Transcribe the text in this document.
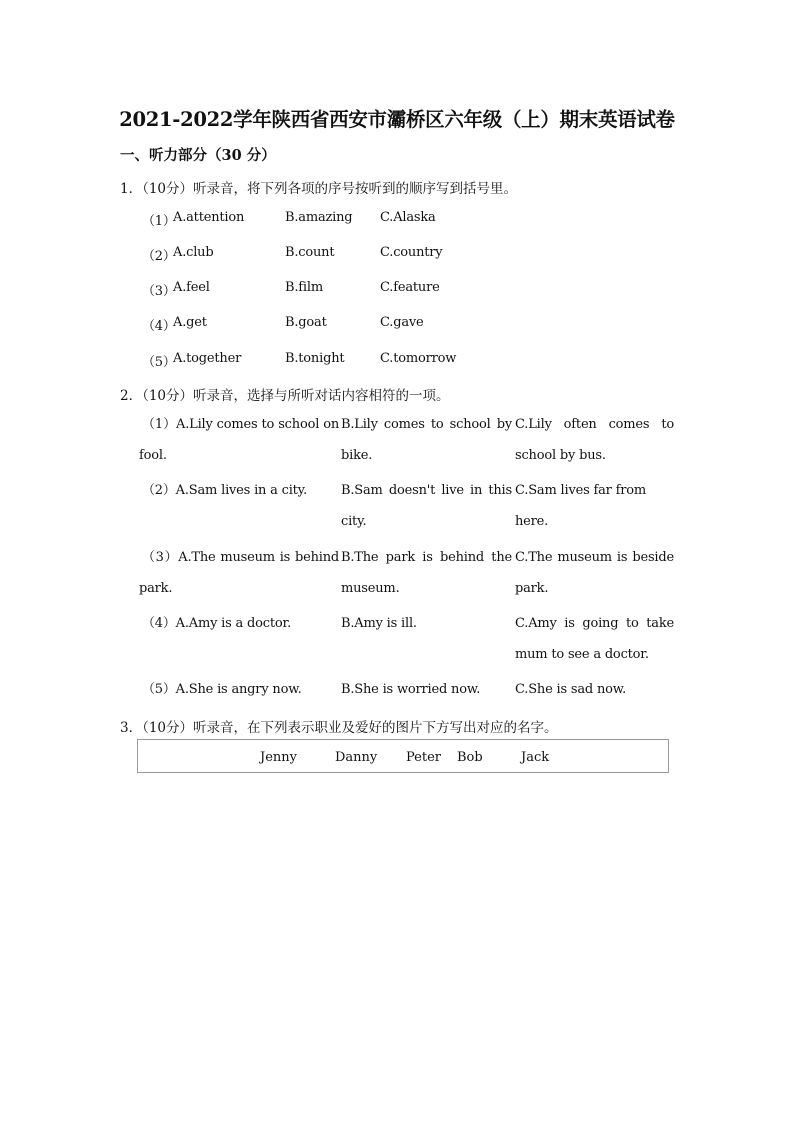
2021-2022学年陕西省西安市灞桥区六年级（上）期末英语试卷
一、听力部分（30 分）
1．（10分）听录音，将下列各项的序号按听到的顺序写到括号里。
（1）
A.attention	B.amazing C.Alaska
（2）
A.club	B.count	C.country
（3）
A.feel	B.film	C.feature
（4）
A.get	B.goat	C.gave
（5）
A.together	B.tonight	C.tomorrow
2．（10分）听录音，选择与所听对话内容相符的一项。
（1）A.Lily comes to school on
fool.
B.Lily comes to school by
bike.
C.Lily often comes to
school by bus.
（2）A.Sam lives in a city.	B.Sam doesn't live in this
city.
C.Sam lives far from here.
（3）A.The museum is behind
park.
B.The park is behind the
museum.
C.The museum is beside
park.
（4）A.Amy is a doctor.	B.Amy is ill.	C.Amy is going to take
mum to see a doctor.
（5）A.She is angry now.	B.She is worried now.	C.She is sad now.
3．（10分）听录音，在下列表示职业及爱好的图片下方写出对应的名字。
Jenny	Danny Peter Bob	Jack
